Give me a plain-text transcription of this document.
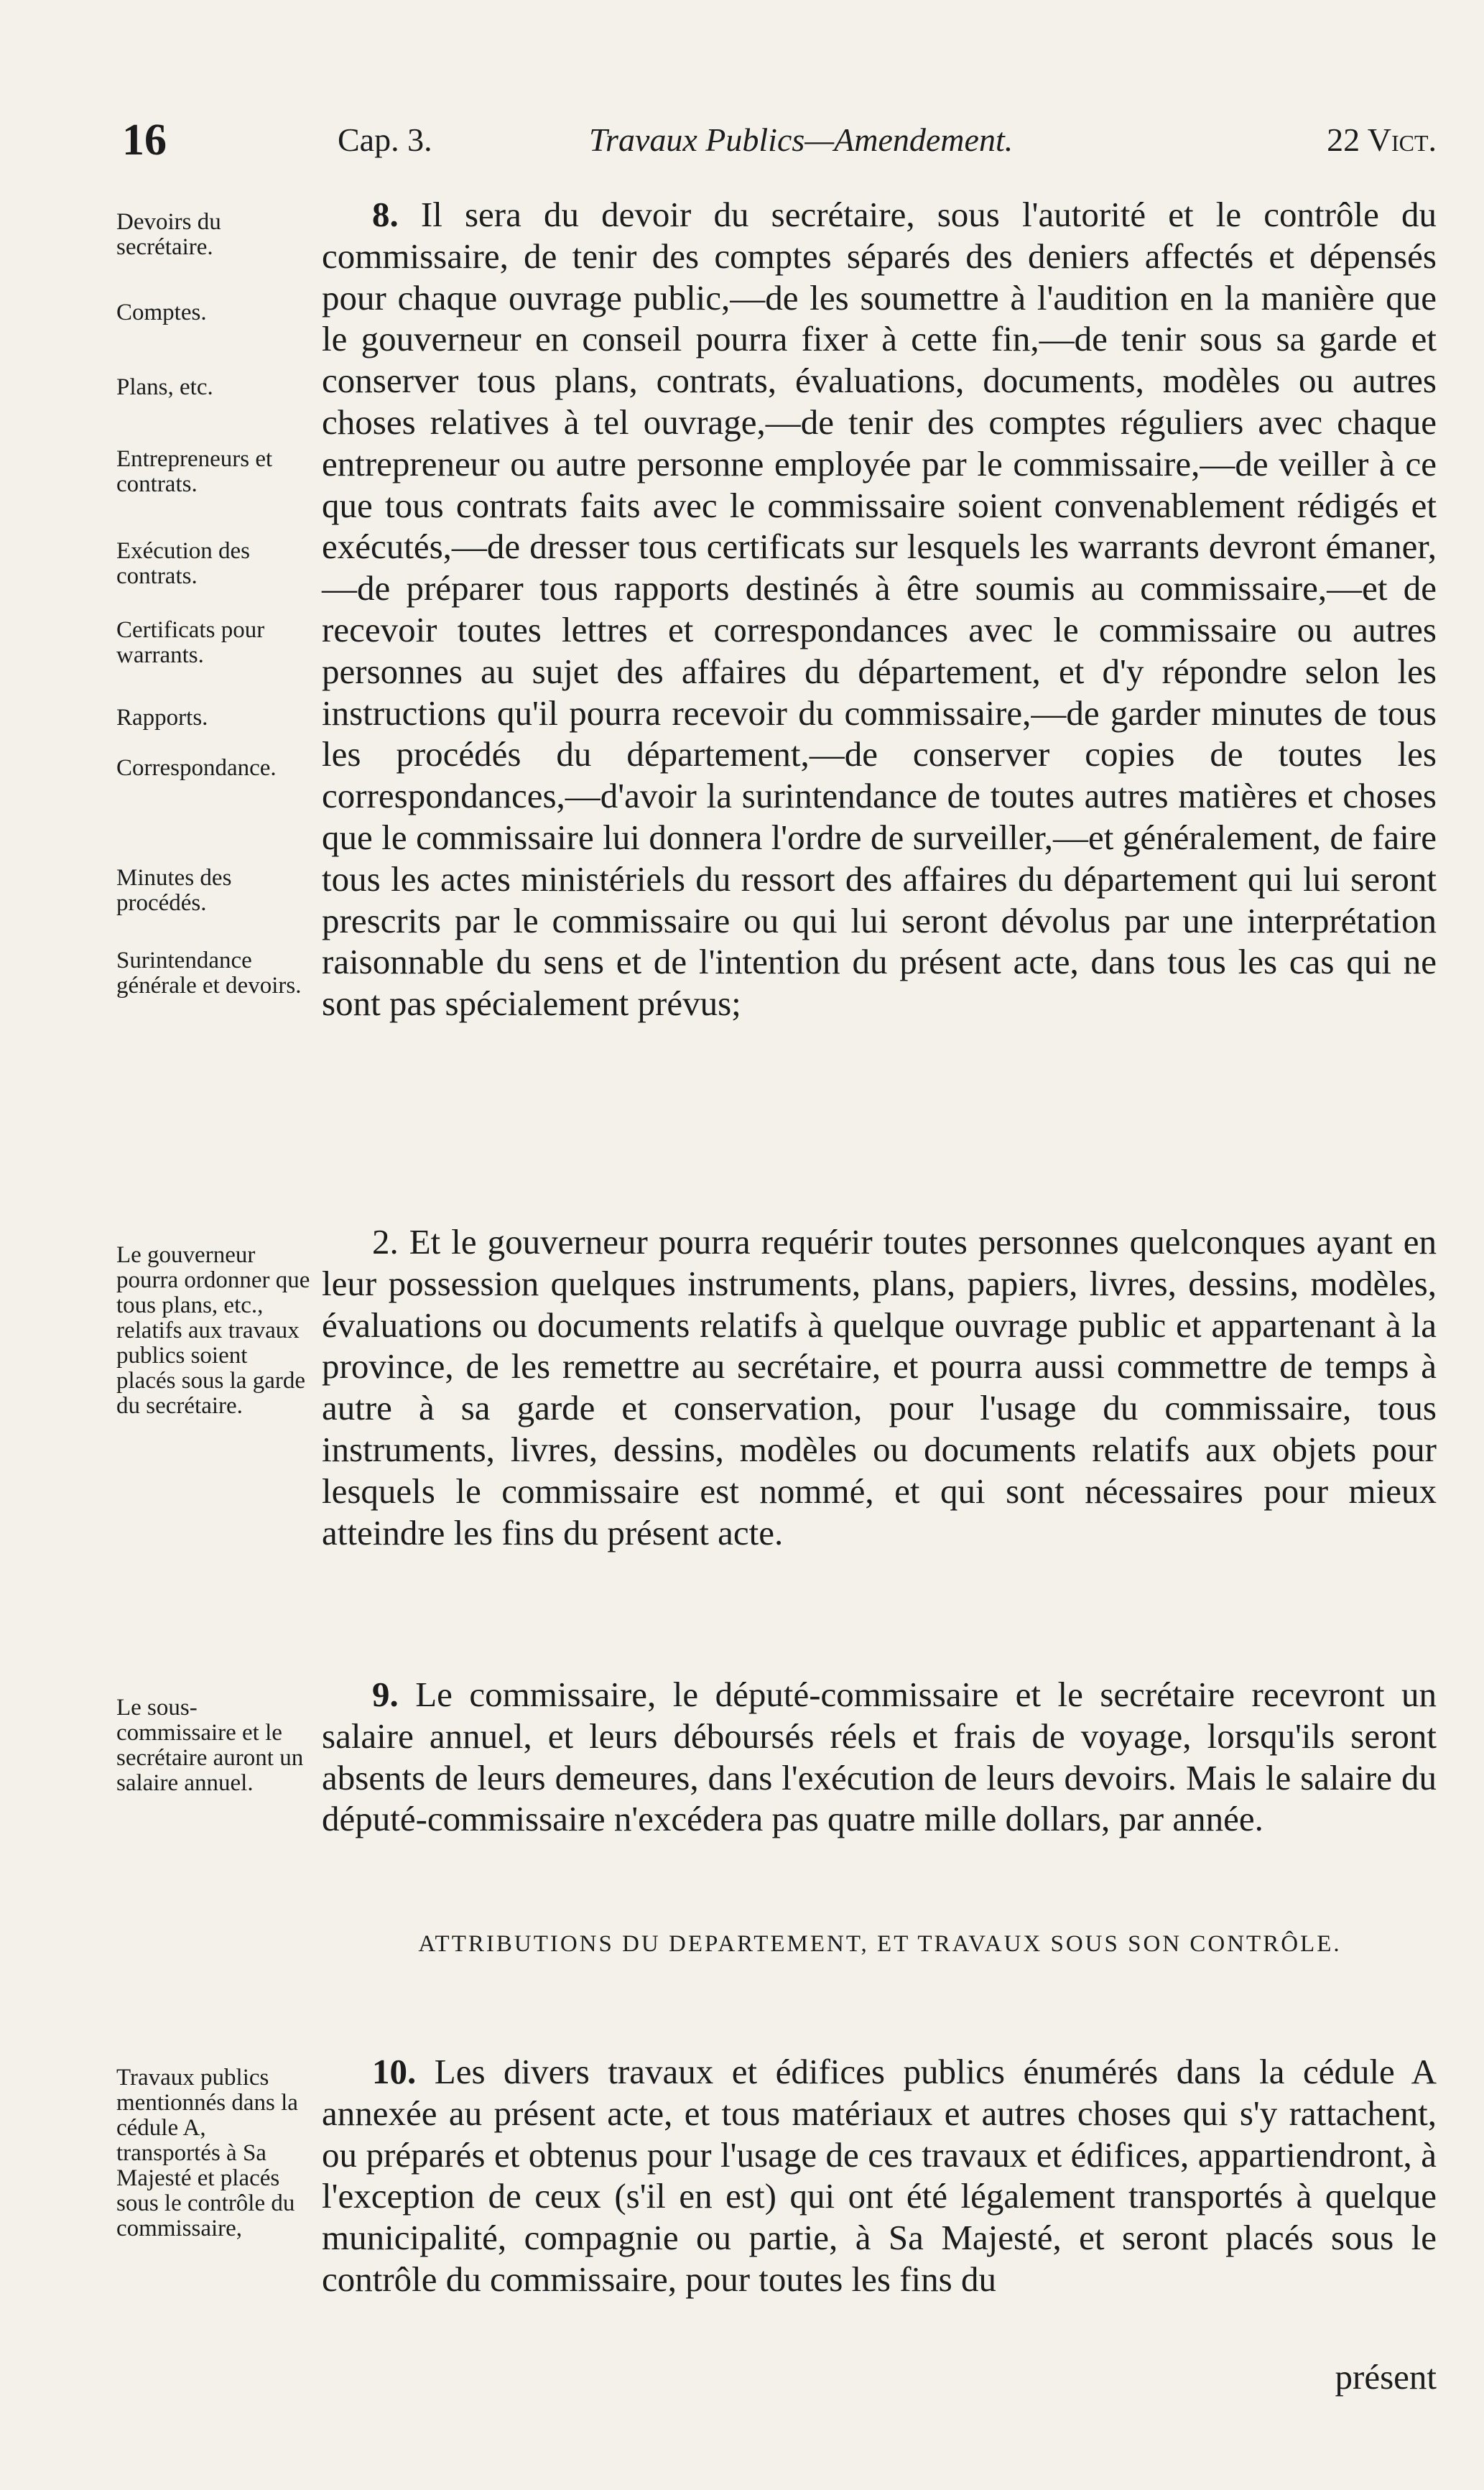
16	Cap. 3.	Travaux Publics—Amendement.	22 Vict.
Devoirs du secrétaire.
Comptes.
Plans, etc.
Entrepreneurs et contrats.
Exécution des contrats.
Certificats pour warrants.
Rapports.
Correspondance.
Minutes des procédés.
Surintendance générale et devoirs.

8. Il sera du devoir du secrétaire, sous l'autorité et le contrôle du commissaire, de tenir des comptes séparés des deniers affectés et dépensés pour chaque ouvrage public,—de les soumettre à l'audition en la manière que le gouverneur en conseil pourra fixer à cette fin,—de tenir sous sa garde et conserver tous plans, contrats, évaluations, documents, modèles ou autres choses relatives à tel ouvrage,—de tenir des comptes réguliers avec chaque entrepreneur ou autre personne employée par le commissaire,—de veiller à ce que tous contrats faits avec le commissaire soient convenablement rédigés et exécutés,—de dresser tous certificats sur lesquels les warrants devront émaner, —de préparer tous rapports destinés à être soumis au commissaire,—et de recevoir toutes lettres et correspondances avec le commissaire ou autres personnes au sujet des affaires du département, et d'y répondre selon les instructions qu'il pourra recevoir du commissaire,—de garder minutes de tous les procédés du département,—de conserver copies de toutes les correspondances,—d'avoir la surintendance de toutes autres matières et choses que le commissaire lui donnera l'ordre de surveiller,—et généralement, de faire tous les actes ministériels du ressort des affaires du département qui lui seront prescrits par le commissaire ou qui lui seront dévolus par une interprétation raisonnable du sens et de l'intention du présent acte, dans tous les cas qui ne sont pas spécialement prévus;

Le gouverneur pourra ordonner que tous plans, etc., relatifs aux travaux publics soient placés sous la garde du secrétaire.

2. Et le gouverneur pourra requérir toutes personnes quelconques ayant en leur possession quelques instruments, plans, papiers, livres, dessins, modèles, évaluations ou documents relatifs à quelque ouvrage public et appartenant à la province, de les remettre au secrétaire, et pourra aussi commettre de temps à autre à sa garde et conservation, pour l'usage du commissaire, tous instruments, livres, dessins, modèles ou documents relatifs aux objets pour lesquels le commissaire est nommé, et qui sont nécessaires pour mieux atteindre les fins du présent acte.

Le sous-commissaire et le secrétaire auront un salaire annuel.

9. Le commissaire, le député-commissaire et le secrétaire recevront un salaire annuel, et leurs déboursés réels et frais de voyage, lorsqu'ils seront absents de leurs demeures, dans l'exécution de leurs devoirs. Mais le salaire du député-commissaire n'excédera pas quatre mille dollars, par année.

ATTRIBUTIONS DU DEPARTEMENT, ET TRAVAUX SOUS SON CONTRÔLE.
Travaux publics mentionnés dans la cédule A, transportés à Sa Majesté et placés sous le contrôle du commissaire,

10. Les divers travaux et édifices publics énumérés dans la cédule A annexée au présent acte, et tous matériaux et autres choses qui s'y rattachent, ou préparés et obtenus pour l'usage de ces travaux et édifices, appartiendront, à l'exception de ceux (s'il en est) qui ont été légalement transportés à quelque municipalité, compagnie ou partie, à Sa Majesté, et seront placés sous le contrôle du commissaire, pour toutes les fins du

présent
